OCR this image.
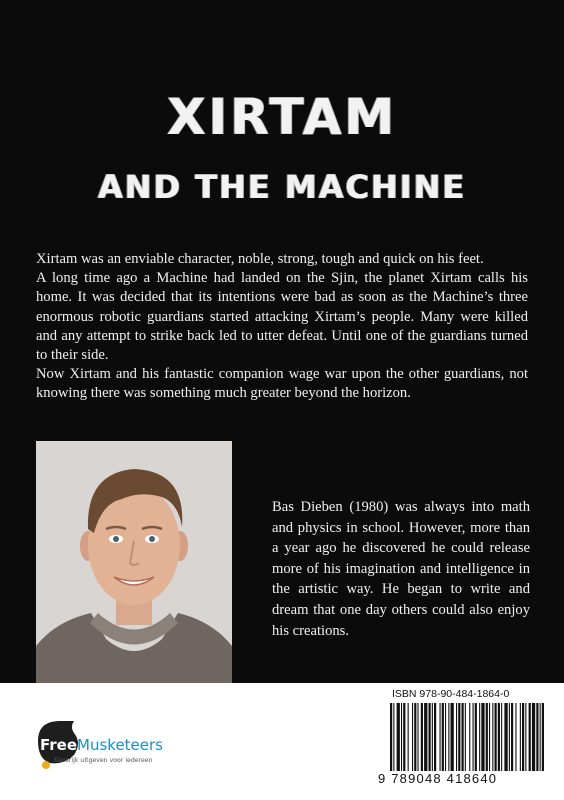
XIRTAM
AND THE MACHINE

Xirtam was an enviable character, noble, strong, tough and quick on his feet.

A long time ago a Machine had landed on the Sjin, the planet Xirtam calls his home. It was decided that its intentions were bad as soon as the Machine’s three enormous robotic guardians started attacking Xirtam’s people. Many were killed and any attempt to strike back led to utter defeat. Until one of the guardians turned to their side.

Now Xirtam and his fantastic companion wage war upon the other guardians, not knowing there was something much greater beyond the horizon.

Bas Dieben (1980) was always into math and physics in school. However, more than a year ago he discovered he could release more of his imagination and intelligence in the artistic way. He began to write and dream that one day others could also enjoy his creations.
FreeMusketeers
Kansrijk uitgeven voor iedereen
ISBN 978-90-484-1864-0
9 789048 418640
